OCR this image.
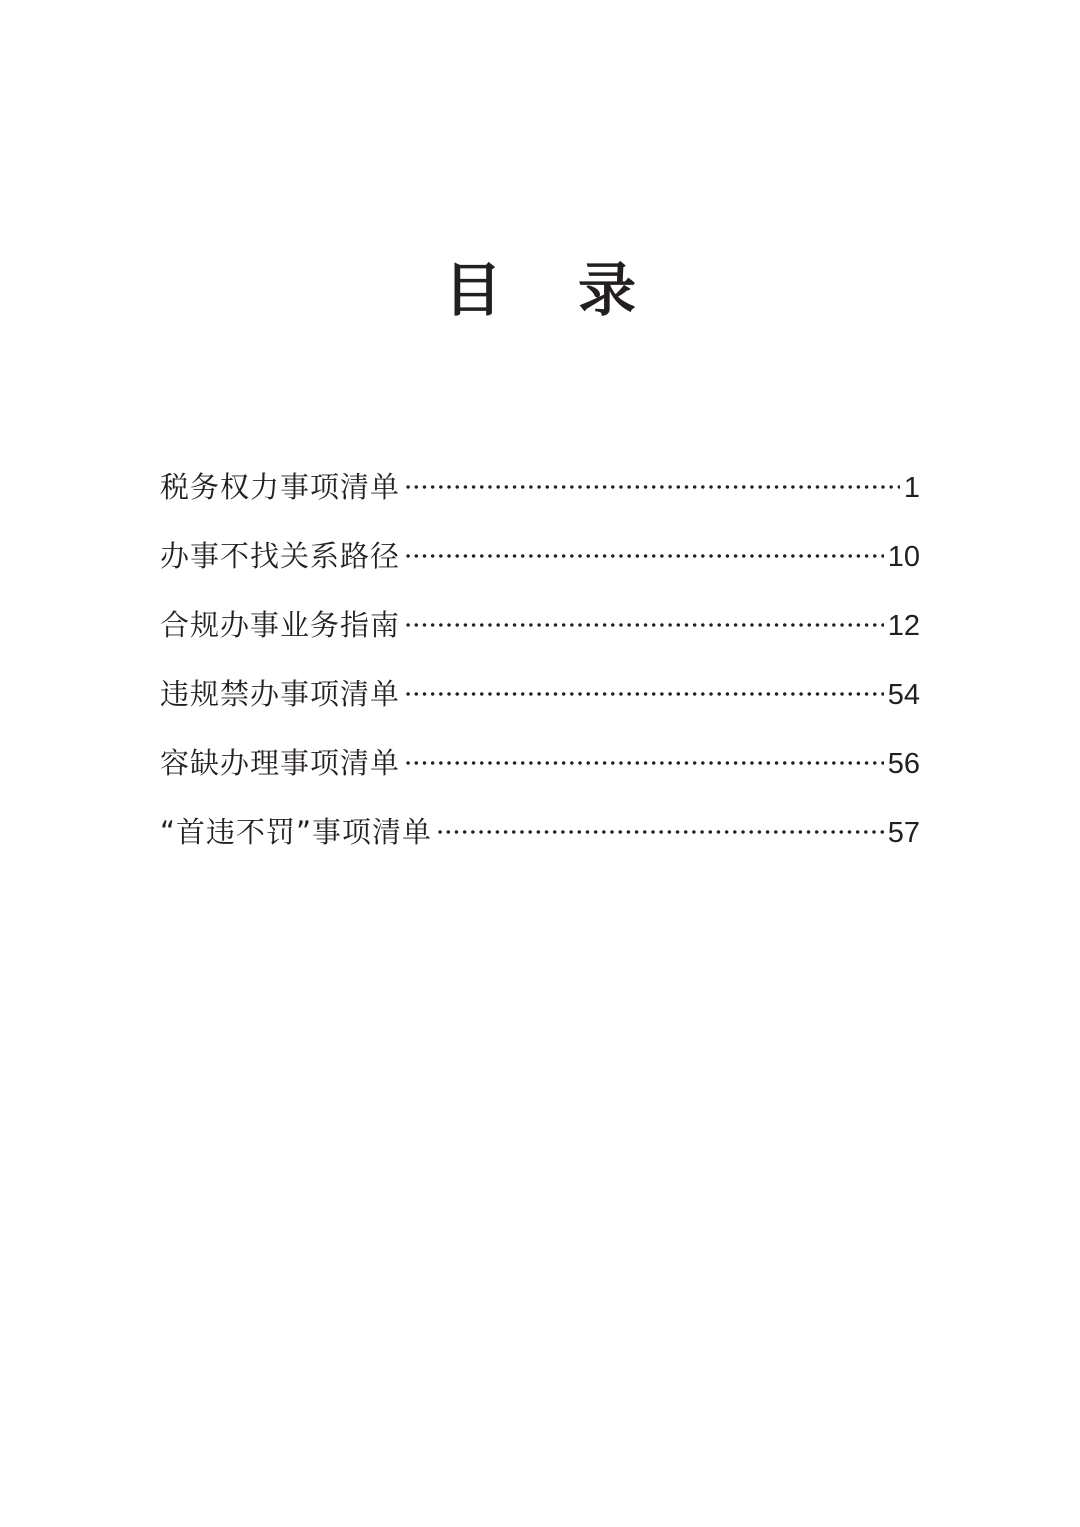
目 录
税务权力事项清单	1
办事不找关系路径	10
合规办事业务指南	12
违规禁办事项清单	54
容缺办理事项清单	56
“首违不罚”事项清单	57
